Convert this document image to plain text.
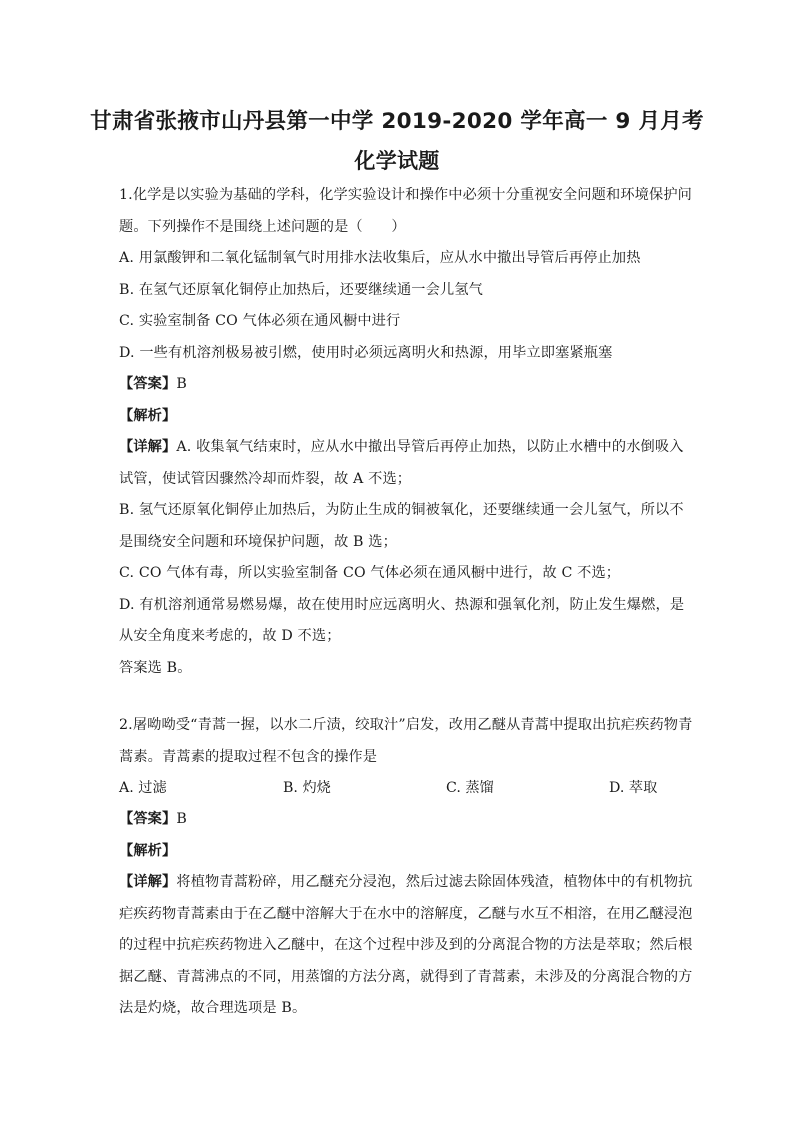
甘肃省张掖市山丹县第一中学 2019-2020 学年高一 9 月月考
化学试题
1.化学是以实验为基础的学科，化学实验设计和操作中必须十分重视安全问题和环境保护问
题。下列操作不是围绕上述问题的是（　　）
A. 用氯酸钾和二氧化锰制氧气时用排水法收集后，应从水中撤出导管后再停止加热
B. 在氢气还原氧化铜停止加热后，还要继续通一会儿氢气
C. 实验室制备 CO 气体必须在通风橱中进行
D. 一些有机溶剂极易被引燃，使用时必须远离明火和热源，用毕立即塞紧瓶塞
【答案】B
【解析】
【详解】A. 收集氧气结束时，应从水中撤出导管后再停止加热，以防止水槽中的水倒吸入
试管，使试管因骤然冷却而炸裂，故 A 不选；
B. 氢气还原氧化铜停止加热后，为防止生成的铜被氧化，还要继续通一会儿氢气，所以不
是围绕安全问题和环境保护问题，故 B 选；
C. CO 气体有毒，所以实验室制备 CO 气体必须在通风橱中进行，故 C 不选；
D. 有机溶剂通常易燃易爆，故在使用时应远离明火、热源和强氧化剂，防止发生爆燃，是
从安全角度来考虑的，故 D 不选；
答案选 B。
2.屠呦呦受“青蒿一握，以水二斤渍，绞取汁”启发，改用乙醚从青蒿中提取出抗疟疾药物青
蒿素。青蒿素的提取过程不包含的操作是
A. 过滤	B. 灼烧	C. 蒸馏	D. 萃取
【答案】B
【解析】
【详解】将植物青蒿粉碎，用乙醚充分浸泡，然后过滤去除固体残渣，植物体中的有机物抗
疟疾药物青蒿素由于在乙醚中溶解大于在水中的溶解度，乙醚与水互不相溶，在用乙醚浸泡
的过程中抗疟疾药物进入乙醚中，在这个过程中涉及到的分离混合物的方法是萃取；然后根
据乙醚、青蒿沸点的不同，用蒸馏的方法分离，就得到了青蒿素，未涉及的分离混合物的方
法是灼烧，故合理选项是 B。
